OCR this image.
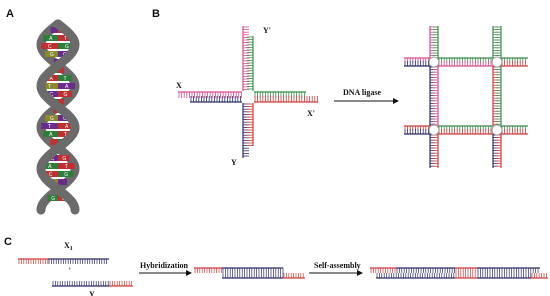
A	B
C
A T
C	G
G C
A T
T	A
C G
G C
T	A
A T
C G
A	T
C G
G C
Y'
X
X'
Y
DNA ligase
$X_1$
+
Y
Hybridization	Self-assembly
